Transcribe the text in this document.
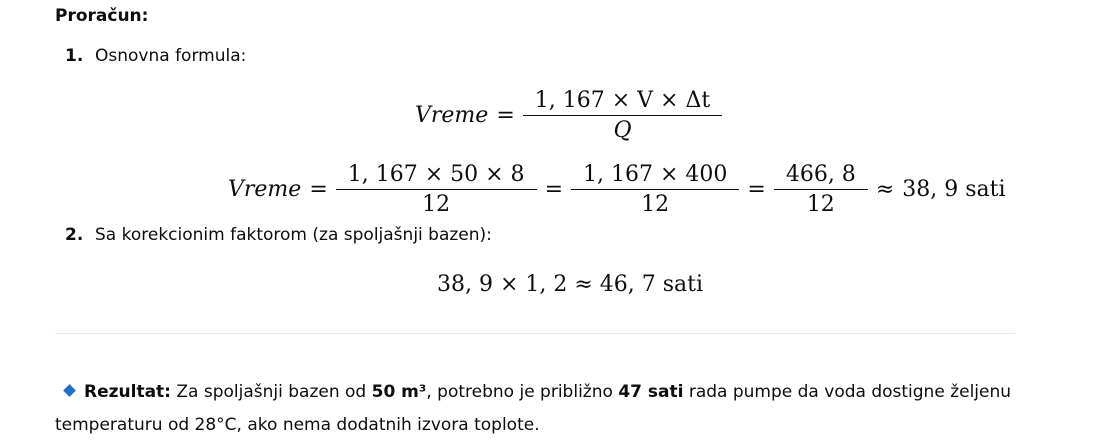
Proračun:
1. Osnovna formula:
Vreme = $\frac{1, 167 \times V \times \Delta t}{Q}$
Vreme = $\frac{1, 167 \times 50 \times 8}{12} = \frac{1, 167 \times 400}{12} = \frac{466, 8}{12} \approx 38$, 9 sati
2. Sa korekcionim faktorom (za spoljašnji bazen):
38, 9 × 1, 2 ≈ 46, 7 sati
Rezultat: Za spoljašnji bazen od 50 m³, potrebno je približno 47 sati rada pumpe da voda dostigne željenu temperaturu od 28°C, ako nema dodatnih izvora toplote.
